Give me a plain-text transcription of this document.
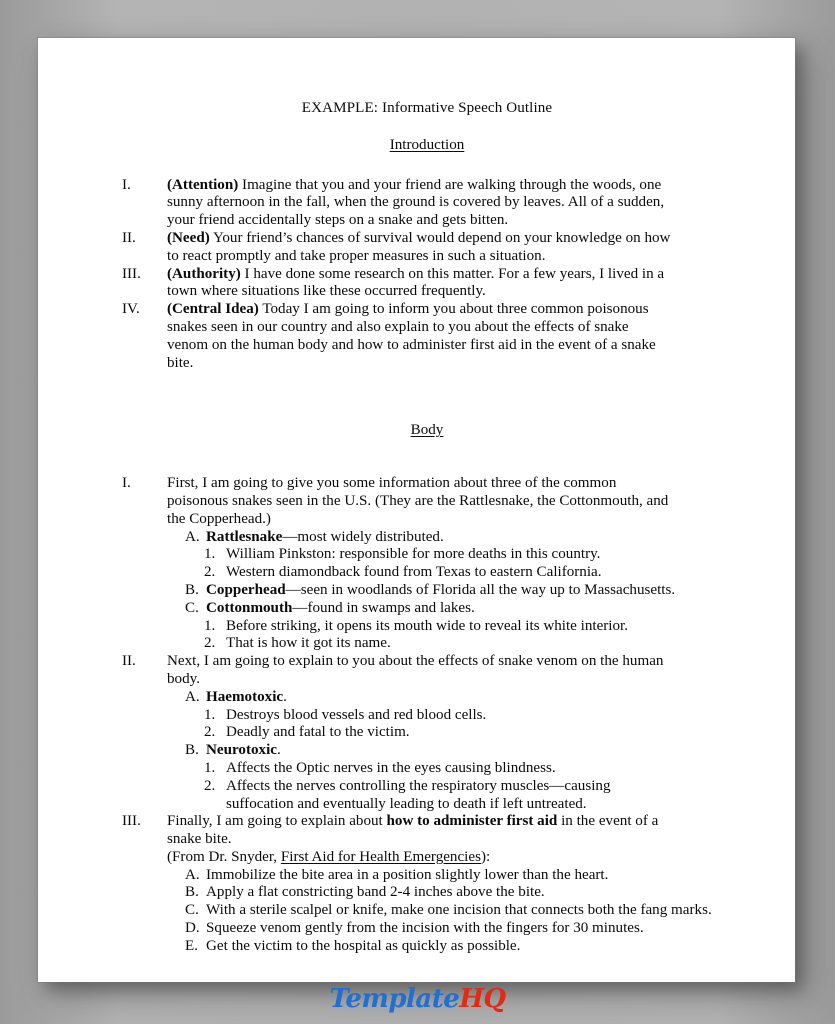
EXAMPLE: Informative Speech Outline

Introduction

I.	(Attention) Imagine that you and your friend are walking through the woods, one sunny afternoon in the fall, when the ground is covered by leaves. All of a sudden, your friend accidentally steps on a snake and gets bitten.
II.	(Need) Your friend’s chances of survival would depend on your knowledge on how to react promptly and take proper measures in such a situation.
III.	(Authority) I have done some research on this matter. For a few years, I lived in a town where situations like these occurred frequently.
IV.	(Central Idea) Today I am going to inform you about three common poisonous snakes seen in our country and also explain to you about the effects of snake venom on the human body and how to administer first aid in the event of a snake bite.

Body

I.	First, I am going to give you some information about three of the common poisonous snakes seen in the U.S. (They are the Rattlesnake, the Cottonmouth, and the Copperhead.)
A. Rattlesnake—most widely distributed.
1. William Pinkston: responsible for more deaths in this country.
2. Western diamondback found from Texas to eastern California.
B. Copperhead—seen in woodlands of Florida all the way up to Massachusetts.
C. Cottonmouth—found in swamps and lakes.
1. Before striking, it opens its mouth wide to reveal its white interior.
2. That is how it got its name.
II.	Next, I am going to explain to you about the effects of snake venom on the human body.
A. Haemotoxic.
1. Destroys blood vessels and red blood cells.
2. Deadly and fatal to the victim.
B. Neurotoxic.
1. Affects the Optic nerves in the eyes causing blindness.
2. Affects the nerves controlling the respiratory muscles—causing suffocation and eventually leading to death if left untreated.
III.	Finally, I am going to explain about how to administer first aid in the event of a snake bite.
(From Dr. Snyder, First Aid for Health Emergencies):
A. Immobilize the bite area in a position slightly lower than the heart.
B. Apply a flat constricting band 2-4 inches above the bite.
C. With a sterile scalpel or knife, make one incision that connects both the fang marks.
D. Squeeze venom gently from the incision with the fingers for 30 minutes.
E. Get the victim to the hospital as quickly as possible.
TemplateHQ
